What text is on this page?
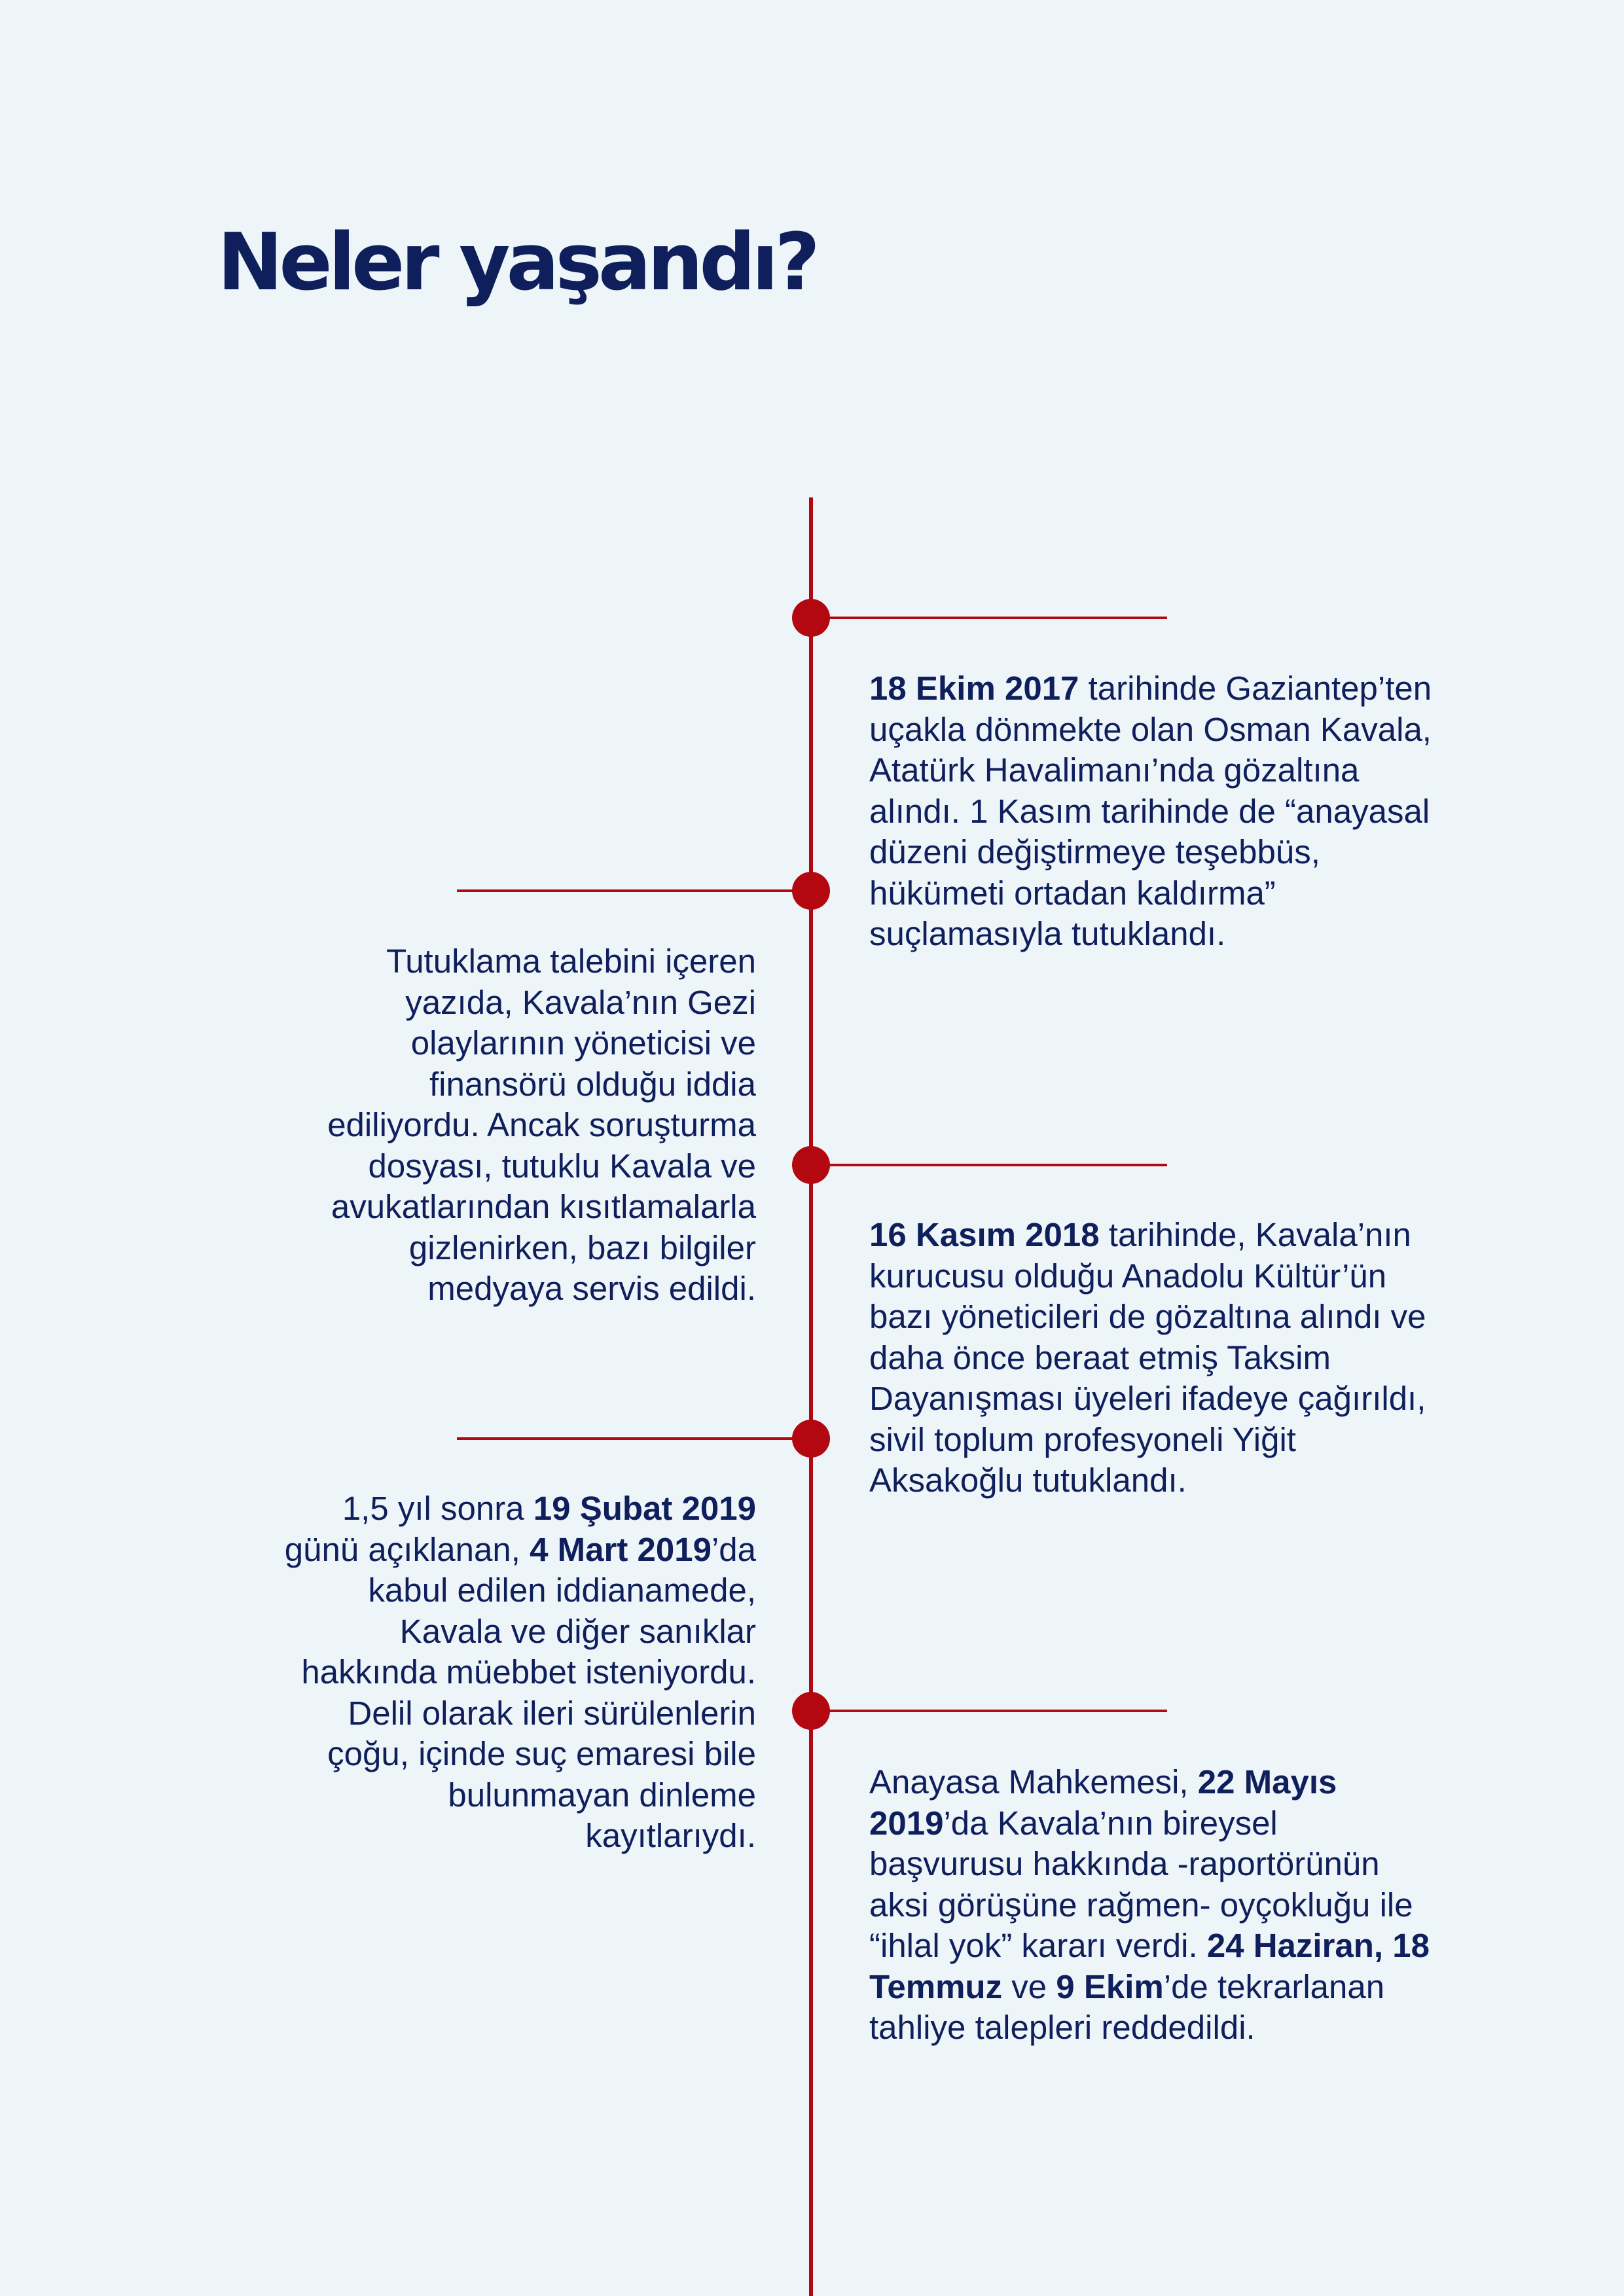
Neler yaşandı?

18 Ekim 2017 tarihinde Gaziantep’ten uçakla dönmekte olan Osman Kavala, Atatürk Havalimanı’nda gözaltına alındı. 1 Kasım tarihinde de “anayasal düzeni değiştirmeye teşebbüs, hükümeti ortadan kaldırma” suçlamasıyla tutuklandı.

Tutuklama talebini içeren yazıda, Kavala’nın Gezi olaylarının yöneticisi ve finansörü olduğu iddia ediliyordu. Ancak soruşturma dosyası, tutuklu Kavala ve avukatlarından kısıtlamalarla gizlenirken, bazı bilgiler medyaya servis edildi.

16 Kasım 2018 tarihinde, Kavala’nın kurucusu olduğu Anadolu Kültür’ün bazı yöneticileri de gözaltına alındı ve daha önce beraat etmiş Taksim Dayanışması üyeleri ifadeye çağırıldı, sivil toplum profesyoneli Yiğit Aksakoğlu tutuklandı.

1,5 yıl sonra 19 Şubat 2019 günü açıklanan, 4 Mart 2019’da kabul edilen iddianamede, Kavala ve diğer sanıklar hakkında müebbet isteniyordu. Delil olarak ileri sürülenlerin çoğu, içinde suç emaresi bile bulunmayan dinleme kayıtlarıydı.

Anayasa Mahkemesi, 22 Mayıs 2019’da Kavala’nın bireysel başvurusu hakkında -raportörünün aksi görüşüne rağmen- oyçokluğu ile “ihlal yok” kararı verdi. 24 Haziran, 18 Temmuz ve 9 Ekim’de tekrarlanan tahliye talepleri reddedildi.
